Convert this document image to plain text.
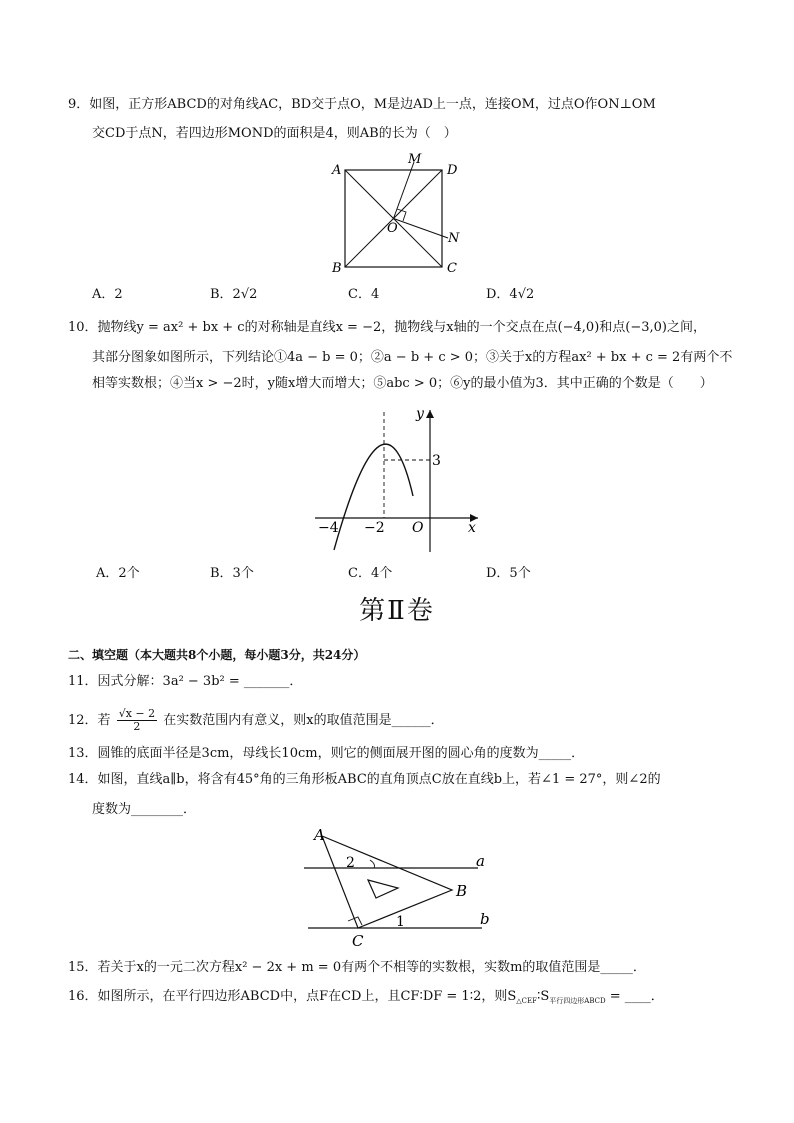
9．如图，正方形ABCD的对角线AC，BD交于点O，M是边AD上一点，连接OM，过点O作ON⊥OM
交CD于点N，若四边形MOND的面积是4，则AB的长为（　）
A	D
M
O
N
B	C
A．2	B．2√2	C．4	D．4√2
10．抛物线y = ax² + bx + c的对称轴是直线x = −2，抛物线与x轴的一个交点在点(−4,0)和点(−3,0)之间，
其部分图象如图所示，下列结论①4a − b = 0；②a − b + c > 0；③关于x的方程ax² + bx + c = 2有两个不
相等实数根；④当x > −2时，y随x增大而增大；⑤abc > 0；⑥y的最小值为3．其中正确的个数是（　　）
y
3
−4 −2 O	x
A．2个	B．3个	C．4个	D．5个
第Ⅱ卷
二、填空题（本大题共8个小题，每小题3分，共24分）
11．因式分解：3a² − 3b² = _______．
12．若 $\frac{√x - 2}{2}$ 在实数范围内有意义，则x的取值范围是______．
13．圆锥的底面半径是3cm，母线长10cm，则它的侧面展开图的圆心角的度数为_____．
14．如图，直线a∥b，将含有45°角的三角形板ABC的直角顶点C放在直线b上，若∠1 = 27°，则∠2的
度数为________．
A
2	a
B
1	b
C
15．若关于x的一元二次方程x² − 2x + m = 0有两个不相等的实数根，实数m的取值范围是_____．
16．如图所示，在平行四边形ABCD中，点F在CD上，且CF∶DF = 1∶2，则$S_{\triangle CEF}∶S_{平行四边形ABCD}$ = ____．
